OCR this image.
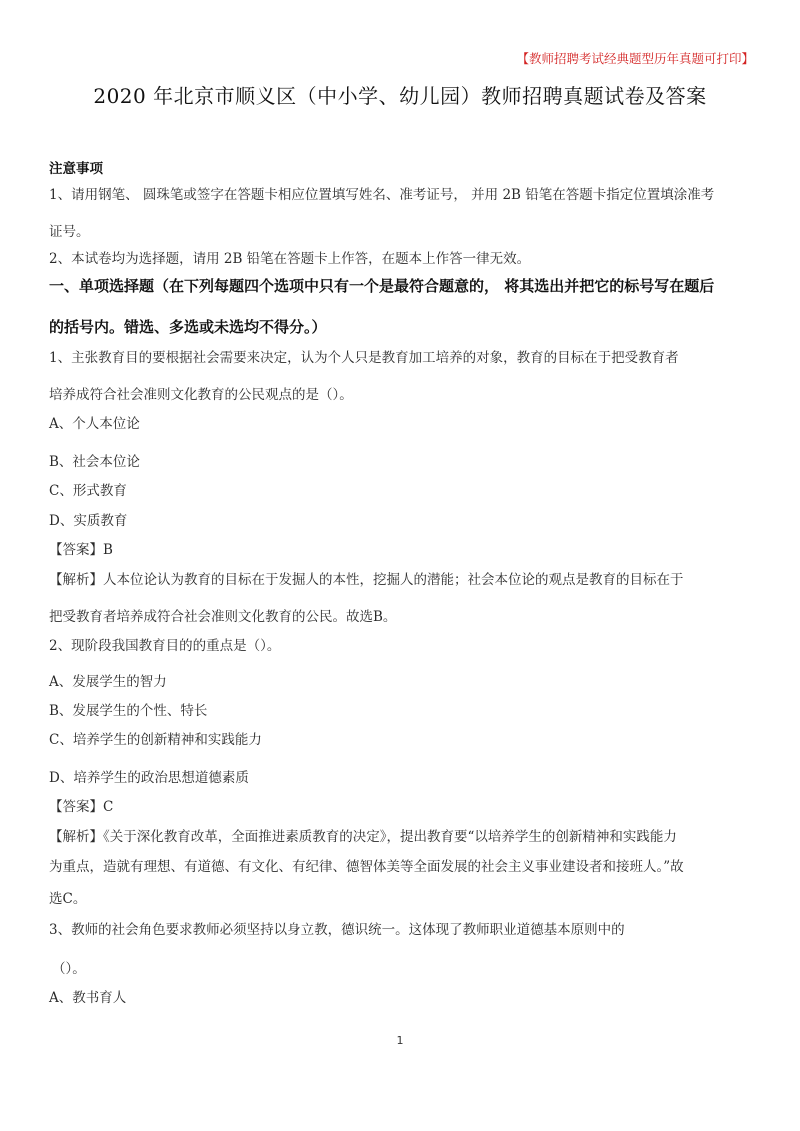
【教师招聘考试经典题型历年真题可打印】
2020 年北京市顺义区（中小学、幼儿园）教师招聘真题试卷及答案
注意事项
1、请用钢笔、 圆珠笔或签字在答题卡相应位置填写姓名、准考证号， 并用 2B 铅笔在答题卡指定位置填涂准考
证号。
2、本试卷均为选择题，请用 2B 铅笔在答题卡上作答，在题本上作答一律无效。
一、单项选择题（在下列每题四个选项中只有一个是最符合题意的， 将其选出并把它的标号写在题后
的括号内。错选、多选或未选均不得分。）
1、主张教育目的要根据社会需要来决定，认为个人只是教育加工培养的对象，教育的目标在于把受教育者
培养成符合社会准则文化教育的公民观点的是（）。
A、个人本位论
B、社会本位论
C、形式教育
D、实质教育
【答案】B
【解析】人本位论认为教育的目标在于发掘人的本性，挖掘人的潜能；社会本位论的观点是教育的目标在于
把受教育者培养成符合社会准则文化教育的公民。故选B。
2、现阶段我国教育目的的重点是（）。
A、发展学生的智力
B、发展学生的个性、特长
C、培养学生的创新精神和实践能力
D、培养学生的政治思想道德素质
【答案】C
【解析】《关于深化教育改革，全面推进素质教育的决定》，提出教育要“以培养学生的创新精神和实践能力
为重点，造就有理想、有道德、有文化、有纪律、德智体美等全面发展的社会主义事业建设者和接班人。”故
选C。
3、教师的社会角色要求教师必须坚持以身立教，德识统一。这体现了教师职业道德基本原则中的
（）。
A、教书育人
1
